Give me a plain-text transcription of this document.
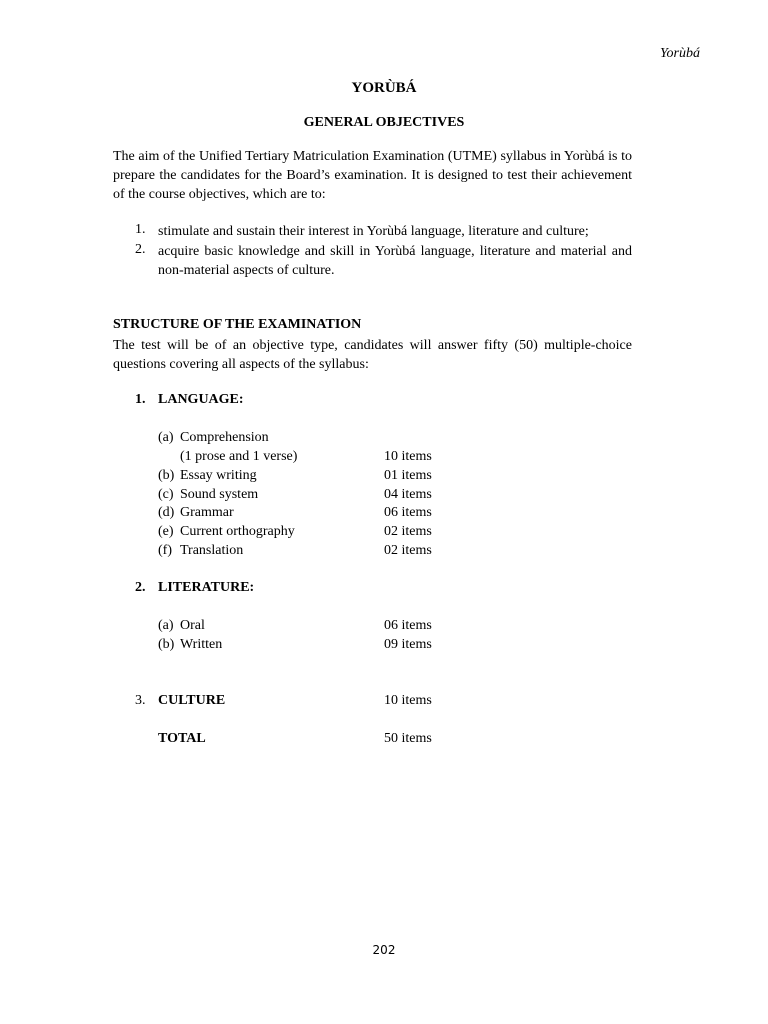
Yorùbá
YORÙBÁ
GENERAL OBJECTIVES
The aim of the Unified Tertiary Matriculation Examination (UTME) syllabus in Yorùbá is to prepare the candidates for the Board’s examination. It is designed to test their achievement of the course objectives, which are to:
1. stimulate and sustain their interest in Yorùbá language, literature and culture;
2. acquire basic knowledge and skill in Yorùbá language, literature and material and non-material aspects of culture.
STRUCTURE OF THE EXAMINATION
The test will be of an objective type, candidates will answer fifty (50) multiple-choice questions covering all aspects of the syllabus:
1. LANGUAGE:
(a) Comprehension
(1 prose and 1 verse)	10 items
(b) Essay writing	01 items
(c) Sound system	04 items
(d) Grammar	06 items
(e) Current orthography	02 items
(f) Translation	02 items
2. LITERATURE:
(a) Oral	06 items
(b) Written	09 items
3. CULTURE	10 items
TOTAL	50 items
202
